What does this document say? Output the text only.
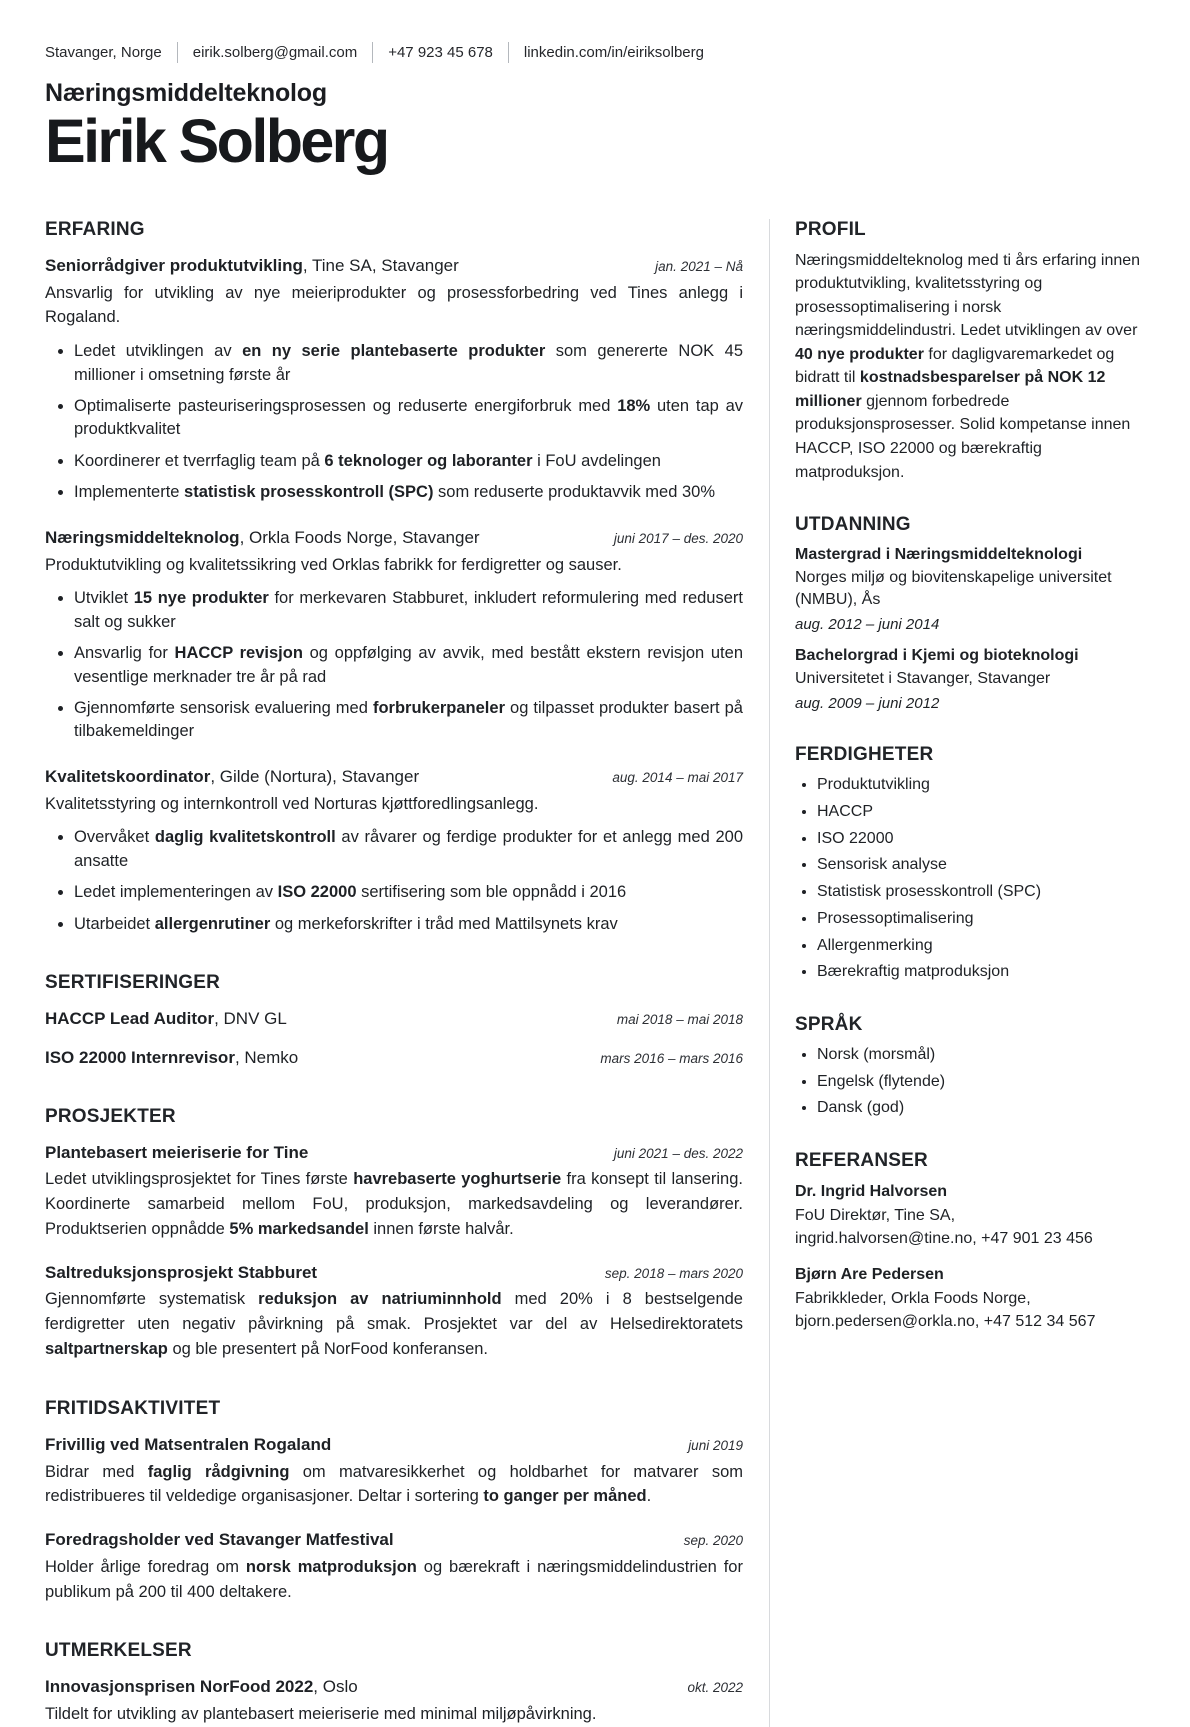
Stavanger, Norge eirik.solberg@gmail.com +47 923 45 678 linkedin.com/in/eiriksolberg
Næringsmiddelteknolog
Eirik Solberg
ERFARING
Seniorrådgiver produktutvikling, Tine SA, Stavanger	jan. 2021 – Nå

Ansvarlig for utvikling av nye meieriprodukter og prosessforbedring ved Tines anlegg i Rogaland.

• Ledet utviklingen av en ny serie plantebaserte produkter som genererte NOK 45 millioner i omsetning første år
• Optimaliserte pasteuriseringsprosessen og reduserte energiforbruk med 18% uten tap av produktkvalitet
• Koordinerer et tverrfaglig team på 6 teknologer og laboranter i FoU avdelingen
• Implementerte statistisk prosesskontroll (SPC) som reduserte produktavvik med 30%
Næringsmiddelteknolog, Orkla Foods Norge, Stavanger	juni 2017 – des. 2020

Produktutvikling og kvalitetssikring ved Orklas fabrikk for ferdigretter og sauser.

• Utviklet 15 nye produkter for merkevaren Stabburet, inkludert reformulering med redusert salt og sukker
• Ansvarlig for HACCP revisjon og oppfølging av avvik, med bestått ekstern revisjon uten vesentlige merknader tre år på rad
• Gjennomførte sensorisk evaluering med forbrukerpaneler og tilpasset produkter basert på tilbakemeldinger
Kvalitetskoordinator, Gilde (Nortura), Stavanger	aug. 2014 – mai 2017

Kvalitetsstyring og internkontroll ved Norturas kjøttforedlingsanlegg.

• Overvåket daglig kvalitetskontroll av råvarer og ferdige produkter for et anlegg med 200 ansatte
• Ledet implementeringen av ISO 22000 sertifisering som ble oppnådd i 2016
• Utarbeidet allergenrutiner og merkeforskrifter i tråd med Mattilsynets krav
SERTIFISERINGER
HACCP Lead Auditor, DNV GL	mai 2018 – mai 2018
ISO 22000 Internrevisor, Nemko	mars 2016 – mars 2016
PROSJEKTER
Plantebasert meieriserie for Tine	juni 2021 – des. 2022

Ledet utviklingsprosjektet for Tines første havrebaserte yoghurtserie fra konsept til lansering. Koordinerte samarbeid mellom FoU, produksjon, markedsavdeling og leverandører. Produktserien oppnådde 5% markedsandel innen første halvår.

Saltreduksjonsprosjekt Stabburet	sep. 2018 – mars 2020

Gjennomførte systematisk reduksjon av natriuminnhold med 20% i 8 bestselgende ferdigretter uten negativ påvirkning på smak. Prosjektet var del av Helsedirektoratets saltpartnerskap og ble presentert på NorFood konferansen.

FRITIDSAKTIVITET
Frivillig ved Matsentralen Rogaland	juni 2019

Bidrar med faglig rådgivning om matvaresikkerhet og holdbarhet for matvarer som redistribueres til veldedige organisasjoner. Deltar i sortering to ganger per måned.

Foredragsholder ved Stavanger Matfestival	sep. 2020

Holder årlige foredrag om norsk matproduksjon og bærekraft i næringsmiddelindustrien for publikum på 200 til 400 deltakere.

UTMERKELSER
Innovasjonsprisen NorFood 2022, Oslo	okt. 2022

Tildelt for utvikling av plantebasert meieriserie med minimal miljøpåvirkning.

PROFIL

Næringsmiddelteknolog med ti års erfaring innen produktutvikling, kvalitetsstyring og prosessoptimalisering i norsk næringsmiddelindustri. Ledet utviklingen av over 40 nye produkter for dagligvaremarkedet og bidratt til kostnadsbesparelser på NOK 12 millioner gjennom forbedrede produksjonsprosesser. Solid kompetanse innen HACCP, ISO 22000 og bærekraftig matproduksjon.

UTDANNING
Mastergrad i Næringsmiddelteknologi
Norges miljø og biovitenskapelige universitet (NMBU), Ås
aug. 2012 – juni 2014
Bachelorgrad i Kjemi og bioteknologi
Universitetet i Stavanger, Stavanger
aug. 2009 – juni 2012
FERDIGHETER
• Produktutvikling
• HACCP
• ISO 22000
• Sensorisk analyse
• Statistisk prosesskontroll (SPC)
• Prosessoptimalisering
• Allergenmerking
• Bærekraftig matproduksjon
SPRÅK
• Norsk (morsmål)
• Engelsk (flytende)
• Dansk (god)
REFERANSER
Dr. Ingrid Halvorsen
FoU Direktør, Tine SA,
ingrid.halvorsen@tine.no, +47 901 23 456
Bjørn Are Pedersen
Fabrikkleder, Orkla Foods Norge,
bjorn.pedersen@orkla.no, +47 512 34 567
